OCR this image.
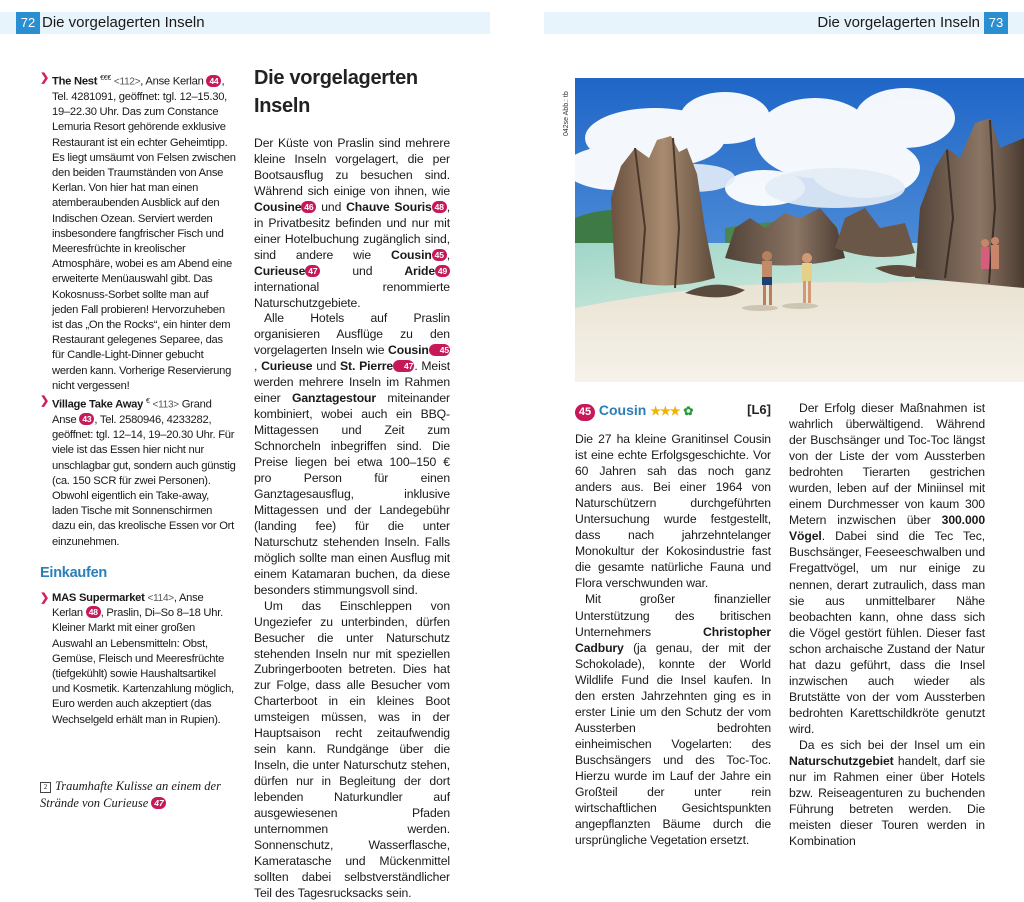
72 Die vorgelagerten Inseln	Die vorgelagerten Inseln 73
❯ The Nest €€€ <112>, Anse Kerlan 44 , Tel. 4281091, geöffnet: tgl. 12–15.30, 19–22.30 Uhr. Das zum Constance Lemuria Resort gehörende exklusive Restaurant ist ein echter Geheimtipp. Es liegt umsäumt von Felsen zwischen den beiden Traumständen von Anse Kerlan. Von hier hat man einen atemberaubenden Ausblick auf den Indischen Ozean. Serviert werden insbesondere fangfrischer Fisch und Meeresfrüchte in kreolischer Atmosphäre, wobei es am Abend eine erweiterte Menüauswahl gibt. Das Kokosnuss-Sorbet sollte man auf jeden Fall probieren! Hervorzuheben ist das „On the Rocks“, ein hinter dem Restaurant gelegenes Separee, das für Candle-Light-Dinner gebucht werden kann. Vorherige Reservierung nicht vergessen!
❯ Village Take Away € <113> Grand Anse 43 , Tel. 2580946, 4233282, geöffnet: tgl. 12–14, 19–20.30 Uhr. Für viele ist das Essen hier nicht nur unschlagbar gut, sondern auch günstig (ca. 150 SCR für zwei Personen). Obwohl eigentlich ein Take-away, laden Tische mit Sonnenschirmen dazu ein, das kreolische Essen vor Ort einzunehmen.
Einkaufen
❯ MAS Supermarket <114>, Anse Kerlan 48 , Praslin, Di–So 8–18 Uhr. Kleiner Markt mit einer großen Auswahl an Lebensmitteln: Obst, Gemüse, Fleisch und Meeresfrüchte (tiefgekühlt) sowie Haushaltsartikel und Kosmetik. Kartenzahlung möglich, Euro werden auch akzeptiert (das Wechselgeld erhält man in Rupien).
2 Traumhafte Kulisse an einem der Strände von Curieuse 47
Die vorgelagerten Inseln

Der Küste von Praslin sind mehrere kleine Inseln vorgelagert, die per Bootsausflug zu besuchen sind. Während sich einige von ihnen, wie Cousine 46 und Chauve Souris 48 , in Privatbesitz befinden und nur mit einer Hotelbuchung zugänglich sind, sind andere wie Cousin 45 , Curieuse 47 und Aride 49 international renommierte Naturschutzgebiete.

Alle Hotels auf Praslin organisieren Ausflüge zu den vorgelagerten Inseln wie Cousin 45, Curieuse und St. Pierre 47. Meist werden mehrere Inseln im Rahmen einer Ganztagestour miteinander kombiniert, wobei auch ein BBQ-Mittagessen und Zeit zum Schnorcheln inbegriffen sind. Die Preise liegen bei etwa 100–150 € pro Person für einen Ganztagesausflug, inklusive Mittagessen und der Landegebühr (landing fee) für die unter Naturschutz stehenden Inseln. Falls möglich sollte man einen Ausflug mit einem Katamaran buchen, da diese besonders stimmungsvoll sind.

Um das Einschleppen von Ungeziefer zu unterbinden, dürfen Besucher die unter Naturschutz stehenden Inseln nur mit speziellen Zubringerbooten betreten. Dies hat zur Folge, dass alle Besucher vom Charterboot in ein kleines Boot umsteigen müssen, was in der Hauptsaison recht zeitaufwendig sein kann. Rundgänge über die Inseln, die unter Naturschutz stehen, dürfen nur in Begleitung der dort lebenden Naturkundler auf ausgewiesenen Pfaden unternommen werden. Sonnenschutz, Wasserflasche, Kameratasche und Mückenmittel sollten dabei selbstverständlicher Teil des Tagesrucksacks sein.

042se Abb.: tb
45 Cousin ★★★ ✿	[L6]

Die 27 ha kleine Granitinsel Cousin ist eine echte Erfolgsgeschichte. Vor 60 Jahren sah das noch ganz anders aus. Bei einer 1964 von Naturschützern durchgeführten Untersuchung wurde festgestellt, dass nach jahrzehntelanger Monokultur der Kokosindustrie fast die gesamte natürliche Fauna und Flora verschwunden war.

Mit großer finanzieller Unterstützung des britischen Unternehmers Christopher Cadbury (ja genau, der mit der Schokolade), konnte der World Wildlife Fund die Insel kaufen. In den ersten Jahrzehnten ging es in erster Linie um den Schutz der vom Aussterben bedrohten einheimischen Vogelarten: des Buschsängers und des Toc-Toc. Hierzu wurde im Lauf der Jahre ein Großteil der unter rein wirtschaftlichen Gesichtspunkten angepflanzten Bäume durch die ursprüngliche Vegetation ersetzt.

Der Erfolg dieser Maßnahmen ist wahrlich überwältigend. Während der Buschsänger und Toc-Toc längst von der Liste der vom Aussterben bedrohten Tierarten gestrichen wurden, leben auf der Miniinsel mit einem Durchmesser von kaum 300 Metern inzwischen über 300.000 Vögel. Dabei sind die Tec Tec, Buschsänger, Feeseeschwalben und Fregattvögel, um nur einige zu nennen, derart zutraulich, dass man sie aus unmittelbarer Nähe beobachten kann, ohne dass sich die Vögel gestört fühlen. Dieser fast schon archaische Zustand der Natur hat dazu geführt, dass die Insel inzwischen auch wieder als Brutstätte von der vom Aussterben bedrohten Karettschildkröte genutzt wird.

Da es sich bei der Insel um ein Naturschutzgebiet handelt, darf sie nur im Rahmen einer über Hotels bzw. Reiseagenturen zu buchenden Führung betreten werden. Die meisten dieser Touren werden in Kombination
